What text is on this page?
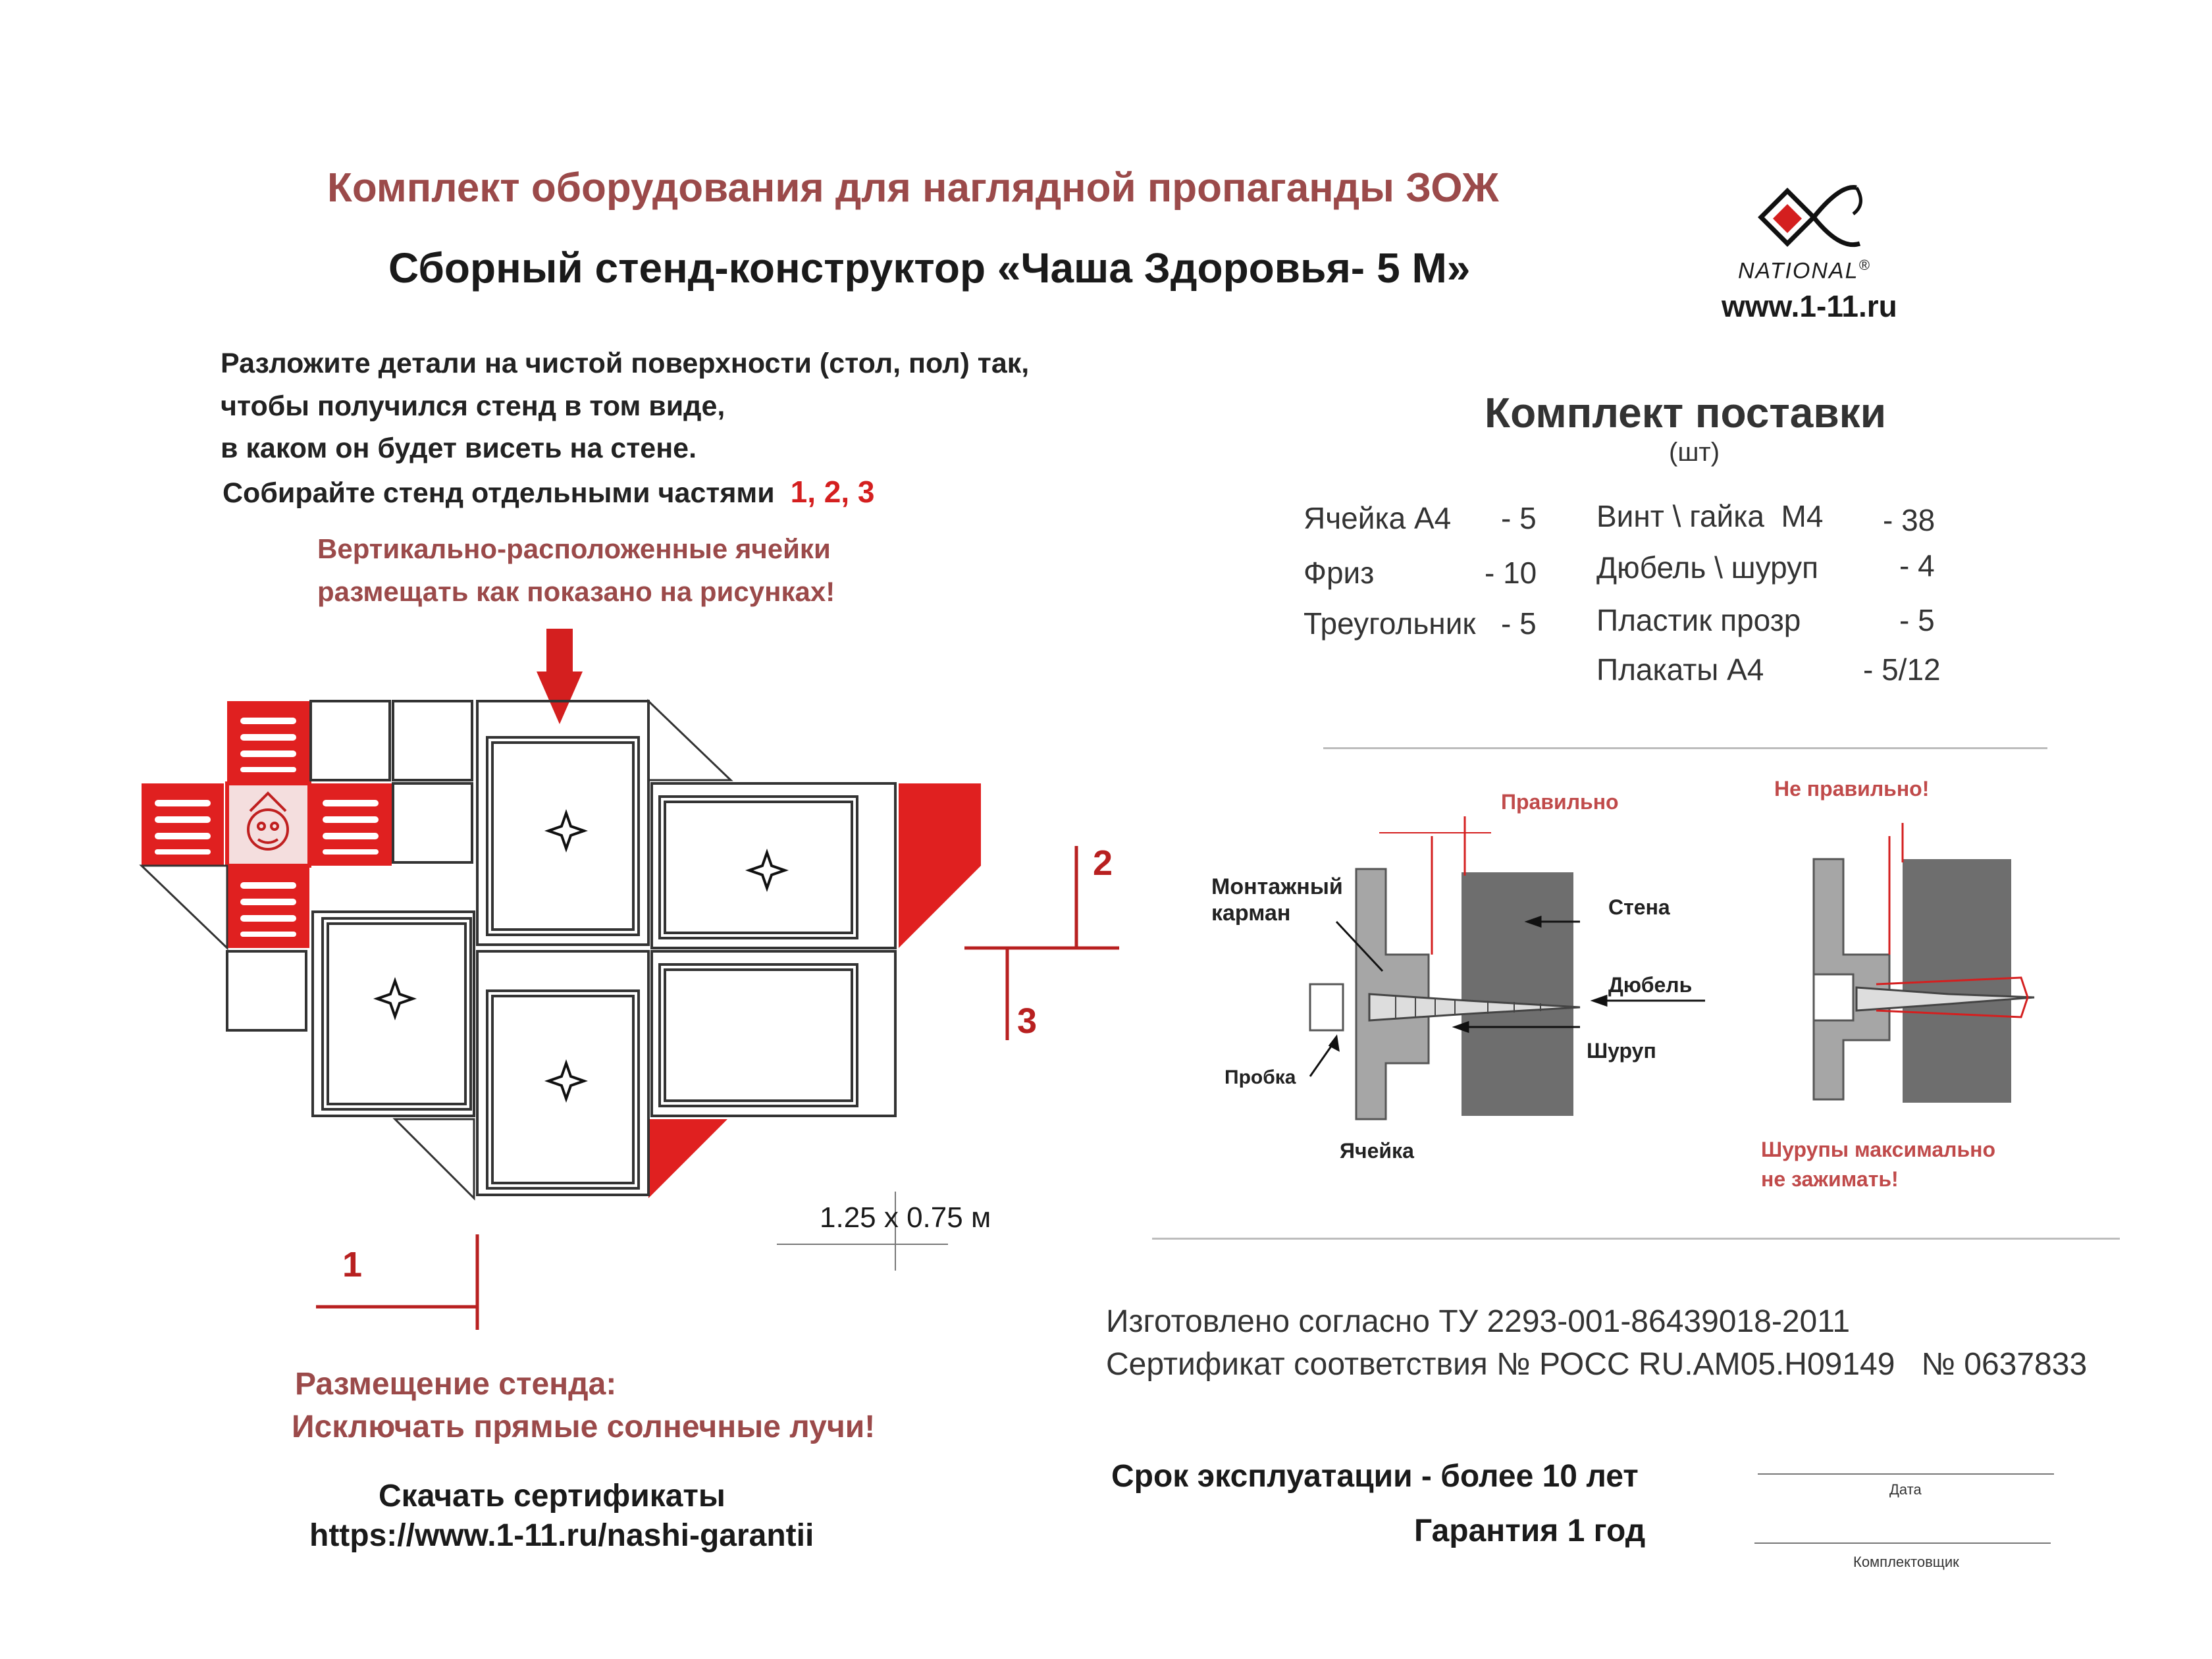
Комплект оборудования для наглядной пропаганды ЗОЖ
Сборный стенд-конструктор «Чаша Здоровья- 5 М»	NATIONAL®
www.1-11.ru
Разложите детали на чистой поверхности (стол, пол) так,
чтобы получился стенд в том виде,
в каком он будет висеть на стене.
Собирайте стенд отдельными частями 1, 2, 3
Вертикально-расположенные ячейки
размещать как показано на рисунках!
2
3
1
1.25 x 0.75 м
Комплект поставки
(шт)
Ячейка А4 - 5
Фриз	- 10
Треугольник - 5
Винт \ гайка  М4 - 38
Дюбель \ шуруп	- 4
Пластик прозр	- 5
Плакаты А4	- 5/12
Правильно
Не правильно!
Монтажный
карман	Стена
Дюбель
Шуруп
Пробка
Ячейка	Шурупы максимально
не зажимать!
Изготовлено согласно ТУ 2293-001-86439018-2011
Сертификат соответствия № РОСС RU.АМ05.Н09149 № 0637833
Размещение стенда:
Исключать прямые солнечные лучи!
Скачать сертификаты
https://www.1-11.ru/nashi-garantii
Срок эксплуатации - более 10 лет
Гарантия 1 год
Дата
Комплектовщик
